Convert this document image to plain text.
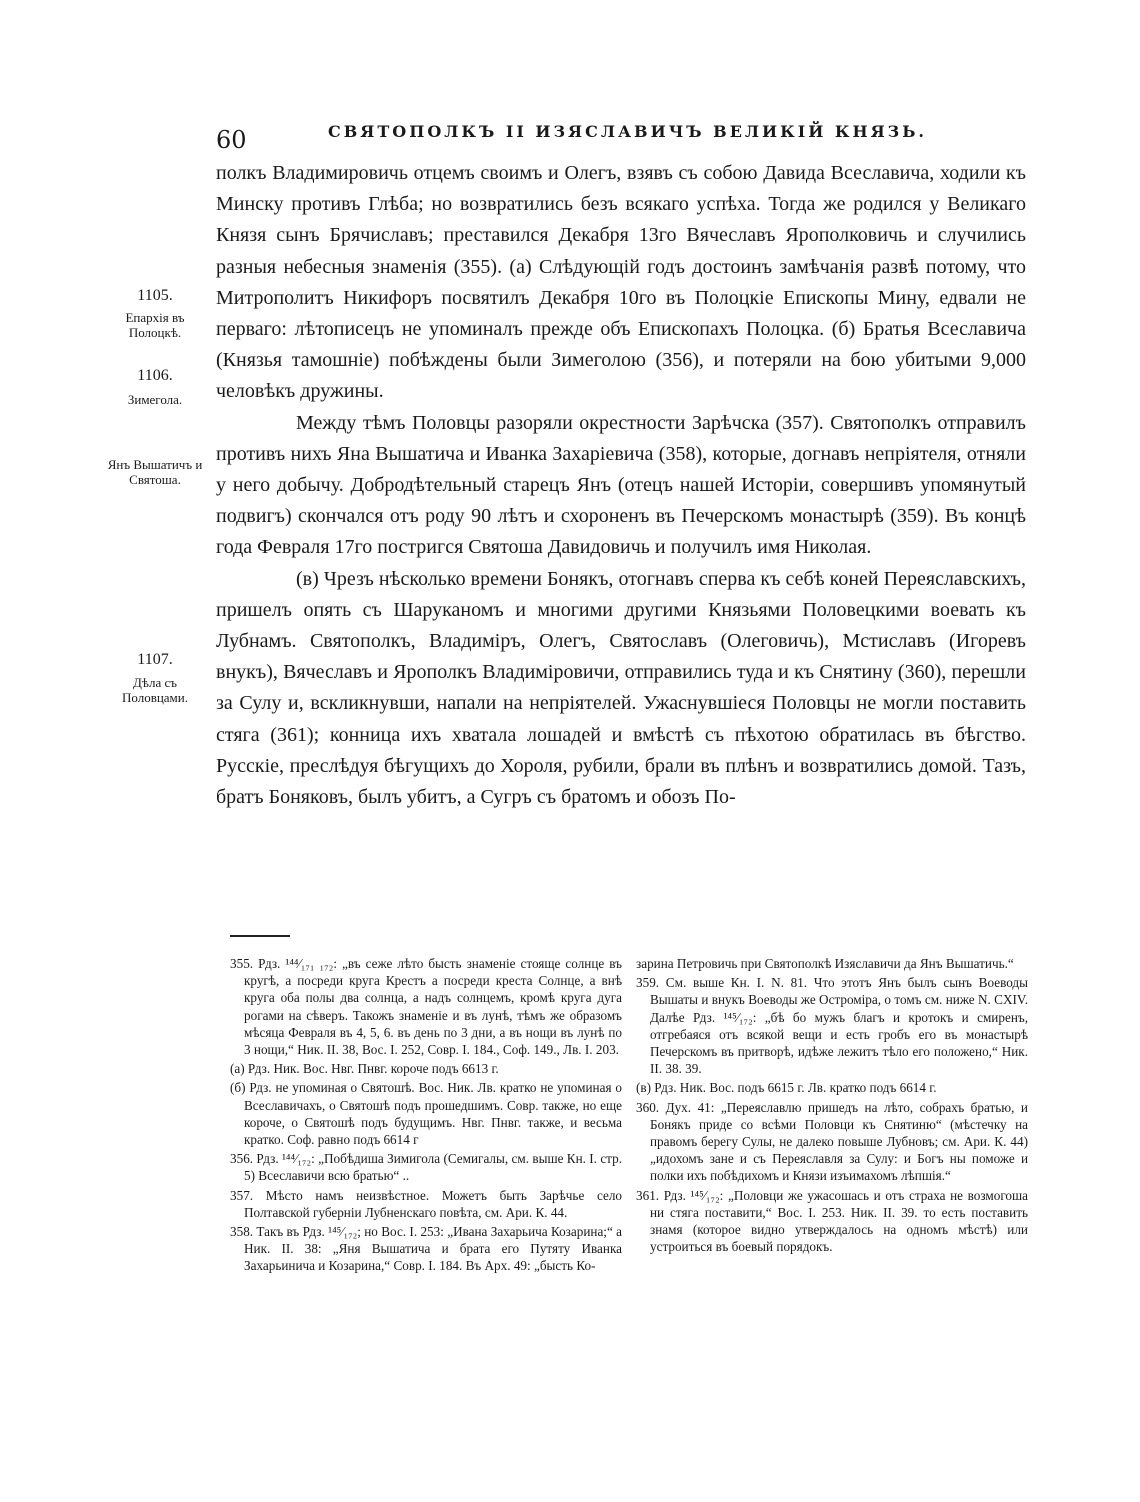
60	СВЯТОПОЛКЪ II ИЗЯСЛАВИЧЪ ВЕЛИКІЙ КНЯЗЬ.
1105.
Епархія въ Полоцкѣ.
1106.
Зимегола.
Янъ Вышатичъ и Святоша.
1107.
Дѣла съ Половцами.

полкъ Владимировичь отцемъ своимъ и Олегъ, взявъ съ собою Давида Всеславича, ходили къ Минску противъ Глѣба; но возвратились безъ всякаго успѣха. Тогда же родился у Великаго Князя сынъ Брячиславъ; преставился Декабря 13го Вячеславъ Ярополковичь и случились разныя небесныя знаменія (355). (а) Слѣдующій годъ достоинъ замѣчанія развѣ потому, что Митрополитъ Никифоръ посвятилъ Декабря 10го въ Полоцкіе Епископы Мину, едвали не перваго: лѣтописецъ не упоминалъ прежде объ Епископахъ Полоцка. (б) Братья Всеславича (Князья тамошніе) побѣждены были Зимеголою (356), и потеряли на бою убитыми 9,000 человѣкъ дружины.

Между тѣмъ Половцы разоряли окрестности Зарѣчска (357). Святополкъ отправилъ противъ нихъ Яна Вышатича и Иванка Захаріевича (358), которые, догнавъ непріятеля, отняли у него добычу. Добродѣтельный старецъ Янъ (отецъ нашей Исторіи, совершивъ упомянутый подвигъ) скончался отъ роду 90 лѣтъ и схороненъ въ Печерскомъ монастырѣ (359). Въ концѣ года Февраля 17го постригся Святоша Давидовичь и получилъ имя Николая.

(в) Чрезъ нѣсколько времени Бонякъ, отогнавъ сперва къ себѣ коней Переяславскихъ, пришелъ опять съ Шаруканомъ и многими другими Князьями Половецкими воевать къ Лубнамъ. Святополкъ, Владиміръ, Олегъ, Святославъ (Олеговичь), Мстиславъ (Игоревъ внукъ), Вячеславъ и Ярополкъ Владиміровичи, отправились туда и къ Снятину (360), перешли за Сулу и, вскликнувши, напали на непріятелей. Ужаснувшіеся Половцы не могли поставить стяга (361); конница ихъ хватала лошадей и вмѣстѣ съ пѣхотою обратилась въ бѣгство. Русскіе, преслѣдуя бѣгущихъ до Хороля, рубили, брали въ плѣнъ и возвратились домой. Тазъ, братъ Боняковъ, былъ убитъ, а Сугръ съ братомъ и обозъ По-

355. Рдз. ¹⁴⁴⁄₁₇₁ ₁₇₂: „въ сеже лѣто бысть знаменіе стояще солнце въ кругѣ, а посреди круга Крестъ а посреди креста Солнце, а внѣ круга оба полы два солнца, а надъ солнцемъ, кромѣ круга дуга рогами на сѣверъ. Такожъ знаменіе и въ лунѣ, тѣмъ же образомъ мѣсяца Февраля въ 4, 5, 6. въ день по 3 дни, а въ нощи въ лунѣ по 3 нощи,“ Ник. II. 38, Вос. I. 252, Совр. I. 184., Соф. 149., Лв. I. 203.

(а) Рдз. Ник. Вос. Нвг. Пнвг. короче подъ 6613 г.

(б) Рдз. не упоминая о Святошѣ. Вос. Ник. Лв. кратко не упоминая о Всеславичахъ, о Святошѣ подъ прошедшимъ. Совр. также, но еще короче, о Святошѣ подъ будущимъ. Нвг. Пнвг. также, и весьма кратко. Соф. равно подъ 6614 г

356. Рдз. ¹⁴⁴⁄₁₇₂: „Побѣдиша Зимигола (Семигалы, см. выше Кн. I. стр. 5) Всеславичи всю братью“ ..

357. Мѣсто намъ неизвѣстное. Можетъ быть Зарѣчье село Полтавской губерніи Лубненскаго повѣта, см. Ари. К. 44.

358. Такъ въ Рдз. ¹⁴⁵⁄₁₇₂; но Вос. I. 253: „Ивана Захарьича Козарина;“ а Ник. II. 38: „Яня Вышатича и брата его Путяту Иванка Захарьинича и Козарина,“ Совр. I. 184. Въ Арх. 49: „бысть Ко-

зарина Петровичь при Святополкѣ Изяславичи да Янъ Вышатичь.“

359. См. выше Кн. I. N. 81. Что этотъ Янъ былъ сынъ Воеводы Вышаты и внукъ Воеводы же Остроміра, о томъ см. ниже N. CXIV. Далѣе Рдз. ¹⁴⁵⁄₁₇₂: „бѣ бо мужъ благъ и кротокъ и смиренъ, отгребаяся отъ всякой вещи и есть гробъ его въ монастырѣ Печерскомъ въ притворѣ, идѣже лежитъ тѣло его положено,“ Ник. II. 38. 39.

(в) Рдз. Ник. Вос. подъ 6615 г. Лв. кратко подъ 6614 г.

360. Дух. 41: „Переяславлю пришедъ на лѣто, собрахъ братью, и Бонякъ приде со всѣми Половци къ Снятиню“ (мѣстечку на правомъ берегу Сулы, не далеко повыше Лубновъ; см. Ари. К. 44) „идохомъ зане и съ Переяславля за Сулу: и Богъ ны поможе и полки ихъ побѣдихомъ и Князи изъимахомъ лѣпшія.“

361. Рдз. ¹⁴⁵⁄₁₇₂: „Половци же ужасошась и отъ страха не возмогоша ни стяга поставити,“ Вос. I. 253. Ник. II. 39. то есть поставить знамя (которое видно утверждалось на одномъ мѣстѣ) или устроиться въ боевый порядокъ.
